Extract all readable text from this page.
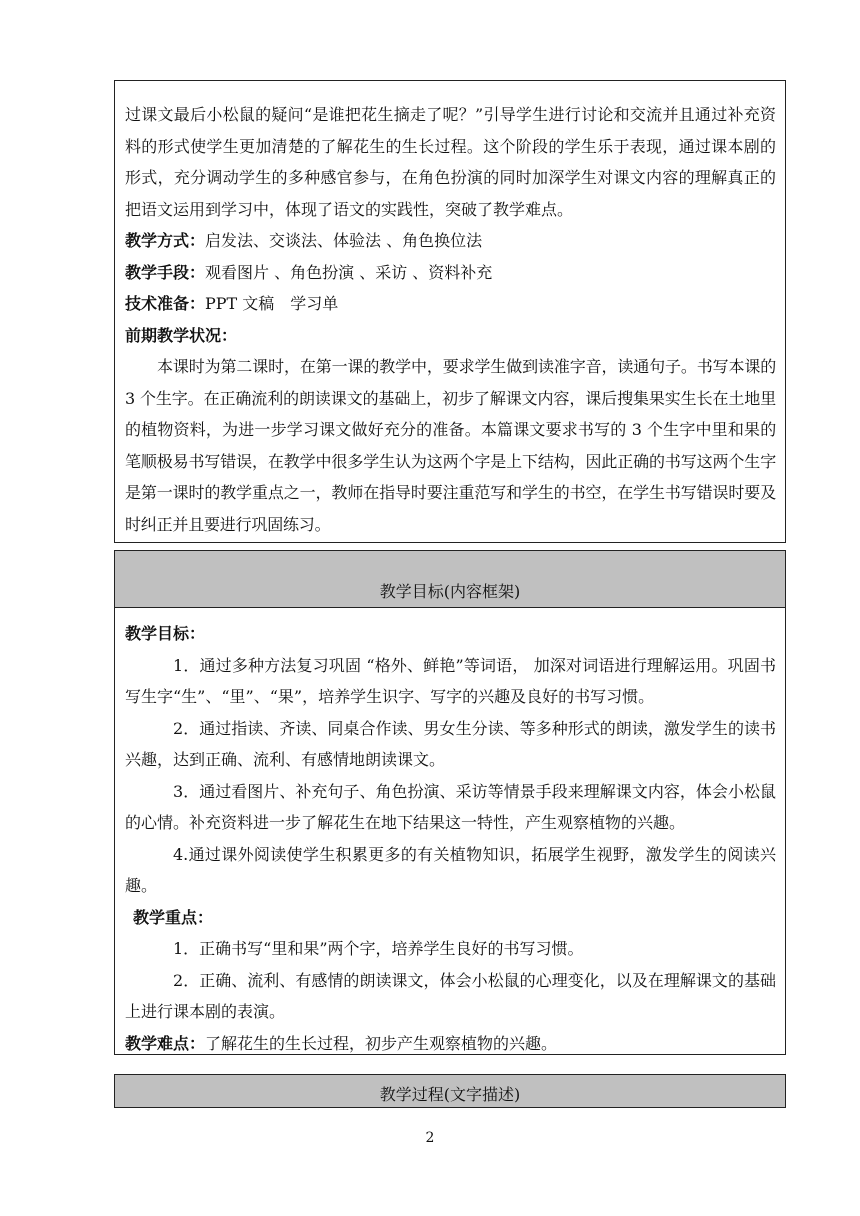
过课文最后小松鼠的疑问“是谁把花生摘走了呢？”引导学生进行讨论和交流并且通过补充资料的形式使学生更加清楚的了解花生的生长过程。这个阶段的学生乐于表现，通过课本剧的形式，充分调动学生的多种感官参与，在角色扮演的同时加深学生对课文内容的理解真正的把语文运用到学习中，体现了语文的实践性，突破了教学难点。

教学方式：启发法、交谈法、体验法 、角色换位法

教学手段：观看图片 、角色扮演 、采访 、资料补充

技术准备：PPT 文稿　学习单

前期教学状况：

本课时为第二课时，在第一课的教学中，要求学生做到读准字音，读通句子。书写本课的 3 个生字。在正确流利的朗读课文的基础上，初步了解课文内容，课后搜集果实生长在土地里的植物资料，为进一步学习课文做好充分的准备。本篇课文要求书写的 3 个生字中里和果的笔顺极易书写错误，在教学中很多学生认为这两个字是上下结构，因此正确的书写这两个生字是第一课时的教学重点之一，教师在指导时要注重范写和学生的书空，在学生书写错误时要及时纠正并且要进行巩固练习。

教学目标(内容框架)

教学目标：

1．通过多种方法复习巩固 “格外、鲜艳”等词语， 加深对词语进行理解运用。巩固书写生字“生”、“里”、“果”，培养学生识字、写字的兴趣及良好的书写习惯。

2．通过指读、齐读、同桌合作读、男女生分读、等多种形式的朗读，激发学生的读书兴趣，达到正确、流利、有感情地朗读课文。

3．通过看图片、补充句子、角色扮演、采访等情景手段来理解课文内容，体会小松鼠的心情。补充资料进一步了解花生在地下结果这一特性，产生观察植物的兴趣。

4.通过课外阅读使学生积累更多的有关植物知识，拓展学生视野，激发学生的阅读兴趣。

教学重点：

1．正确书写“里和果”两个字，培养学生良好的书写习惯。

2．正确、流利、有感情的朗读课文，体会小松鼠的心理变化，以及在理解课文的基础上进行课本剧的表演。

教学难点：了解花生的生长过程，初步产生观察植物的兴趣。

教学过程(文字描述)
2
